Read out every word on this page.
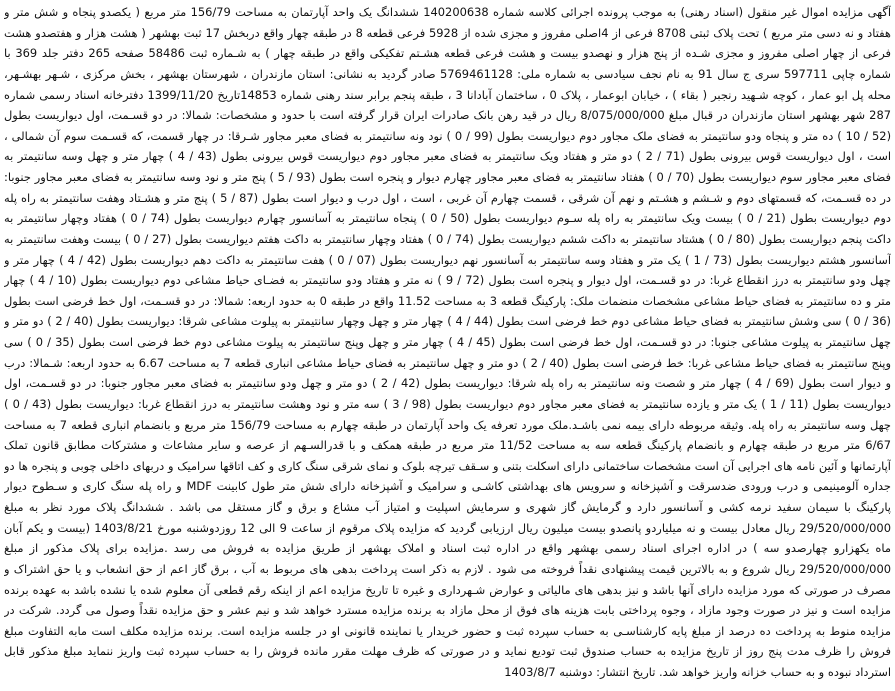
آگهی مزایده اموال غیر منقول (اسناد رهنی) به موجب پرونده اجرائی کلاسه شماره 140200638 ششدانگ یک واحد آپارتمان به مساحت 156/79 متر مربع ( یکصدو پنجاه و شش متر و هفتاد و نه دسی متر مربع ) تحت پلاک ثبتی 8708 فرعی از 4اصلی مفروز و مجزی شده از 5928 فرعی قطعه 8 در طبقه چهار واقع دربخش 17 ثبت بهشهر ( هشت هزار و هفتصدو هشت فرعی از چهار اصلی مفروز و مجزی شـده از پنج هزار و نهصدو بیست و هشت فرعی قطعه هشـتم تفکیکی واقع در طبقه چهار ) به شـماره ثبت 58486 صفحه 265 دفتر جلد 369 با شماره چاپی 597711 سری ج سال 91 به نام نجف سیادسی به شماره ملی: 5769461128 صادر گردید به نشانی: استان مازندران ، شهرستان بهشهر ، بخش مرکزی ، شـهر بهشـهر، محله پل ابو عمار ، کوچه شـهید رنجبر ( بقاء ) ، خیابان ابوعمار ، پلاک 0 ، ساختمان آبادانا 3 ، طبقه پنجم برابر سند رهنی شماره 14853تاریخ 1399/11/20 دفترخانه اسناد رسمی شماره 287 شهر بهشهر استان مازندران در قبال مبلغ 8/075/000/000 ریال در قید رهن بانک صادرات ایران قرار گرفته است با حدود و مشخصات: شمالا: در دو قسـمت، اول دیواریست بطول (52 / 10 ) ده متر و پنجاه ودو سانتیمتر به فضای ملک مجاور دوم دیواریست بطول (99 / 0 ) نود ونه سانتیمتر به فضای معبر مجاور شـرقا: در چهار قسمت، که قسـمت سوم آن شمالی ، است ، اول دیواریست قوس بیرونی بطول (71 / 2 ) دو متر و هفتاد ویک سانتیمتر به فضای معبر مجاور دوم دیواریست قوس بیرونی بطول (43 / 4 ) چهار متر و چهل وسه سانتیمتر به فضای معبر مجاور سوم دیواریست بطول (70 / 0 ) هفتاد سانتیمتر به فضای معبر مجاور چهارم دیوار و پنجره است بطول (93 / 5 ) پنج متر و نود وسه سانتیمتر به فضای معبر مجاور جنوبا: در ده قسـمت، که قسمتهای دوم و شـشم و هشـتم و نهم آن شرقی ، قسمت چهارم آن غربی ، است ، اول درب و دیوار است بطول (87 / 5 ) پنج متر و هشـتاد وهفت سانتیمتر به راه پله دوم دیواریست بطول (21 / 0 ) بیست ویک سانتیمتر به راه پله سـوم دیواریست بطول (50 / 0 ) پنجاه سانتیمتر به آسانسور چهارم دیواریست بطول (74 / 0 ) هفتاد وچهار سانتیمتر به داکت پنجم دیواریست بطول (80 / 0 ) هشتاد سانتیمتر به داکت ششم دیواریست بطول (74 / 0 ) هفتاد وچهار سانتیمتر به داکت هفتم دیواریست بطول (27 / 0 ) بیست وهفت سانتیمتر به آسانسور هشتم دیواریست بطول (73 / 1 ) یک متر و هفتاد وسه سانتیمتر به آسانسور نهم دیواریست بطول (07 / 0 ) هفت سانتیمتر به داکت دهم دیواریست بطول (42 / 4 ) چهار متر و چهل ودو سانتیمتر به درز انقطاع غربا: در دو قسـمت، اول دیوار و پنجره است بطول (72 / 9 ) نه متر و هفتاد ودو سانتیمتر به فضـای حیاط مشاعی دوم دیواریست بطول (10 / 4 ) چهار متر و ده سانتیمتر به فضای حیاط مشاعی مشخصات منضمات ملک: پارکینگ قطعه 3 به مساحت 11.52 واقع در طبقه 0 به حدود اربعه: شمالا: در دو قسـمت، اول خط فرضی است بطول (36 / 0 ) سی وشش سانتیمتر به فضای حیاط مشاعی دوم خط فرضی است بطول (44 / 4 ) چهار متر و چهل وچهار سانتیمتر به پیلوت مشاعی شرقا: دیواریست بطول (40 / 2 ) دو متر و چهل سانتیمتر به پیلوت مشاعی جنوبا: در دو قسـمت، اول خط فرضی است بطول (45 / 4 ) چهار متر و چهل وپنج سانتیمتر به پیلوت مشاعی دوم خط فرضی است بطول (35 / 0 ) سی وپنج سانتیمتر به فضای حیاط مشاعی غربا: خط فرضی است بطول (40 / 2 ) دو متر و چهل سانتیمتر به فضای حیاط مشاعی انباری قطعه 7 به مساحت 6.67 به حدود اربعه: شـمالا: درب و دیوار است بطول (69 / 4 ) چهار متر و شصت ونه سانتیمتر به راه پله شرقا: دیواریست بطول (42 / 2 ) دو متر و چهل ودو سانتیمتر به فضای معبر مجاور جنوبا: در دو قسـمت، اول دیواریست بطول (11 / 1 ) یک متر و یازده سانتیمتر به فضای معبر مجاور دوم دیواریست بطول (98 / 3 ) سه متر و نود وهشت سانتیمتر به درز انقطاع غربا: دیواریست بطول (43 / 0 ) چهل وسه سانتیمتر به راه پله. وثیقه مربوطه دارای بیمه نمی باشـد.ملک مورد تعرفه یک واحد آپارتمان در طبقه چهارم به مساحت 156/79 متر مربع و بانضمام انباری قطعه 7 به مساحت 6/67 متر مربع در طبقه چهارم و بانضمام پارکینگ قطعه سه به مساحت 11/52 متر مربع در طبقه همکف و با قدرالسـهم از عرصه و سایر مشاعات و مشترکات مطابق قانون تملک آپارتمانها و آئین نامه های اجرایی آن است مشخصات ساختمانی دارای اسکلت بتنی و سـقف تیرچه بلوک و نمای شرقی سنگ کاری و کف اتاقها سرامیک و دربهای داخلی چوبی و پنجره ها دو جداره آلومینیمی و درب ورودی ضدسرقت و آشپزخانه و سرویس های بهداشتی کاشـی و سرامیک و آشپزخانه دارای شش متر طول کابینت MDF و راه پله سنگ کاری و سـطوح دیوار پارکینگ با سیمان سفید نرمه کشی و آسانسور دارد و گرمایش گاز شهری و سرمایش اسپلیت و امتیاز آب مشاع و برق و گاز مستقل می باشد . ششدانگ پلاک مورد نظر به مبلغ 29/520/000/000 ریال معادل بیست و نه میلیاردو پانصدو بیست میلیون ریال ارزیابی گردید که مزایده پلاک مرقوم از ساعت 9 الی 12 روزدوشنبه مورخ 1403/8/21 (بیست و یکم آبان ماه یکهزارو چهارصدو سه ) در اداره اجرای اسناد رسمی بهشهر واقع در اداره ثبت اسناد و املاک بهشهر از طریق مزایده به فروش می رسد .مزایده برای پلاک مذکور از مبلغ 29/520/000/000 ریال شروع و به بالاترین قیمت پیشنهادی نقداً فروخته می شود . لازم به ذکر است پرداخت بدهی های مربوط به آب ، برق گاز اعم از حق انشعاب و یا حق اشتراک و مصرف در صورتی که مورد مزایده دارای آنها باشد و نیز بدهی های مالیاتی و عوارض شـهرداری و غیره تا تاریخ مزایده اعم از اینکه رقم قطعی آن معلوم شده یا نشده باشد به عهده برنده مزایده است و نیز در صورت وجود مازاد ، وجوه پرداختی بابت هزینه های فوق از محل مازاد به برنده مزایده مسترد خواهد شد و نیم عشر و حق مزایده نقداً وصول می گردد. شرکت در مزایده منوط به پرداخت ده درصد از مبلغ پایه کارشناسـی به حساب سپرده ثبت و حضور خریدار یا نماینده قانونی او در جلسه مزایده است. برنده مزایده مکلف است مابه التفاوت مبلغ فروش را ظرف مدت پنج روز از تاریخ مزایده به حساب صندوق ثبت تودیع نماید و در صورتی که ظرف مهلت مقرر مانده فروش را به حساب سپرده ثبت واریز ننماید مبلغ مذکور قابل استرداد نبوده و به حساب خزانه واریز خواهد شد. تاریخ انتشار: دوشنبه 1403/8/7
